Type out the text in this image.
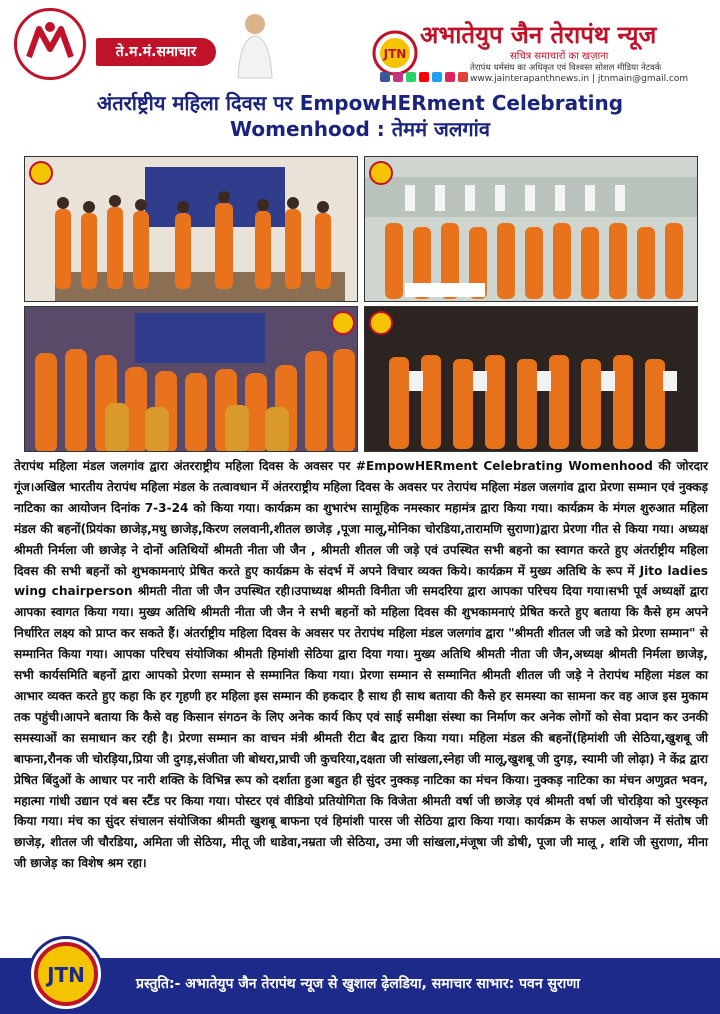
ते.म.मं.समाचार	JTN
अभातेयुप जैन तेरापंथ न्यूज
सचित्र समाचारों का खज़ाना
तेरापंथ धर्मसंघ का अधिकृत एवं विश्वस्त सोशल मीडिया नेटवर्क
www.jainterapanthnews.in | jtnmain@gmail.com
अंतर्राष्ट्रीय महिला दिवस पर EmpowHERment Celebrating
Womenhood : तेममं जलगांव
तेरापंथ महिला मंडल जलगांव द्वारा अंतरराष्ट्रीय महिला दिवस के अवसर पर #EmpowHERment Celebrating Womenhood की जोरदार गूंज।अखिल भारतीय तेरापंथ महिला मंडल के तत्वावधान में अंतरराष्ट्रीय महिला दिवस के अवसर पर तेरापंथ महिला मंडल जलगांव द्वारा प्रेरणा सम्मान एवं नुक्कड़ नाटिका का आयोजन दिनांक 7-3-24 को किया गया। कार्यक्रम का शुभारंभ सामूहिक नमस्कार महामंत्र द्वारा किया गया। कार्यक्रम के मंगल शुरुआत महिला मंडल की बहनों(प्रियंका छाजेड़,मधु छाजेड़,किरण ललवानी,शीतल छाजेड़ ,पूजा मालू,मोनिका चोरडिया,तारामणि सुराणा)द्वारा प्रेरणा गीत से किया गया। अध्यक्ष श्रीमती निर्मला जी छाजेड़ ने दोनों अतिथियों श्रीमती नीता जी जैन , श्रीमती शीतल जी जड़े एवं उपस्थित सभी बहनो का स्वागत करते हुए अंतर्राष्ट्रीय महिला दिवस की सभी बहनों को शुभकामनाएं प्रेषित करते हुए कार्यक्रम के संदर्भ में अपने विचार व्यक्त किये। कार्यक्रम में मुख्य अतिथि के रूप में Jito ladies wing chairperson श्रीमती नीता जी जैन उपस्थित रही।उपाध्यक्ष श्रीमती विनीता जी समदरिया द्वारा आपका परिचय दिया गया।सभी पूर्व अध्यक्षों द्वारा आपका स्वागत किया गया। मुख्य अतिथि श्रीमती नीता जी जैन ने सभी बहनों को महिला दिवस की शुभकामनाएं प्रेषित करते हुए बताया कि कैसे हम अपने निर्धारित लक्ष्य को प्राप्त कर सकते हैं। अंतर्राष्ट्रीय महिला दिवस के अवसर पर तेरापंथ महिला मंडल जलगांव द्वारा "श्रीमती शीतल जी जडे को प्रेरणा सम्मान" से सम्मानित किया गया। आपका परिचय संयोजिका श्रीमती हिमांशी सेठिया द्वारा दिया गया। मुख्य अतिथि श्रीमती नीता जी जैन,अध्यक्ष श्रीमती निर्मला छाजेड़, सभी कार्यसमिति बहनों द्वारा आपको प्रेरणा सम्मान से सम्मानित किया गया। प्रेरणा सम्मान से सम्मानित श्रीमती शीतल जी जड़े ने तेरापंथ महिला मंडल का आभार व्यक्त करते हुए कहा कि हर गृहणी हर महिला इस सम्मान की हकदार है साथ ही साथ बताया की कैसे हर समस्या का सामना कर वह आज इस मुकाम तक पहुंची।आपने बताया कि कैसे वह किसान संगठन के लिए अनेक कार्य किए एवं साई समीक्षा संस्था का निर्माण कर अनेक लोगों को सेवा प्रदान कर उनकी समस्याओं का समाधान कर रही है। प्रेरणा सम्मान का वाचन मंत्री श्रीमती रीटा बैद द्वारा किया गया। महिला मंडल की बहनों(हिमांशी जी सेठिया,खुशबू जी बाफना,रौनक जी चोरड़िया,प्रिया जी दुगड़,संजीता जी बोथरा,प्राची जी कुचरिया,दक्षता जी सांखला,स्नेहा जी मालू,खुशबू जी दुगड़, स्यामी जी लोढ़ा) ने केंद्र द्वारा प्रेषित बिंदुओं के आधार पर नारी शक्ति के विभिन्न रूप को दर्शाता हुआ बहुत ही सुंदर नुक्कड़ नाटिका का मंचन किया। नुक्कड़ नाटिका का मंचन अणुव्रत भवन, महात्मा गांधी उद्यान एवं बस स्टैंड पर किया गया। पोस्टर एवं वीडियो प्रतियोगिता कि विजेता श्रीमती वर्षा जी छाजेड़ एवं श्रीमती वर्षा जी चोरड़िया को पुरस्कृत किया गया। मंच का सुंदर संचालन संयोजिका श्रीमती खुशबू बाफना एवं हिमांशी पारस जी सेठिया द्वारा किया गया। कार्यक्रम के सफल आयोजन में संतोष जी छाजेड़, शीतल जी चौरडिया, अमिता जी सेठिया, मीतू जी धाडेवा,नम्रता जी सेठिया, उमा जी सांखला,मंजूषा जी डोषी, पूजा जी मालू , शशि जी सुराणा, मीना जी छाजेड़ का विशेष श्रम रहा।
JTN	प्रस्तुति:- अभातेयुप जैन तेरापंथ न्यूज से खुशाल ढ़ेलडिया, समाचार साभार: पवन सुराणा
